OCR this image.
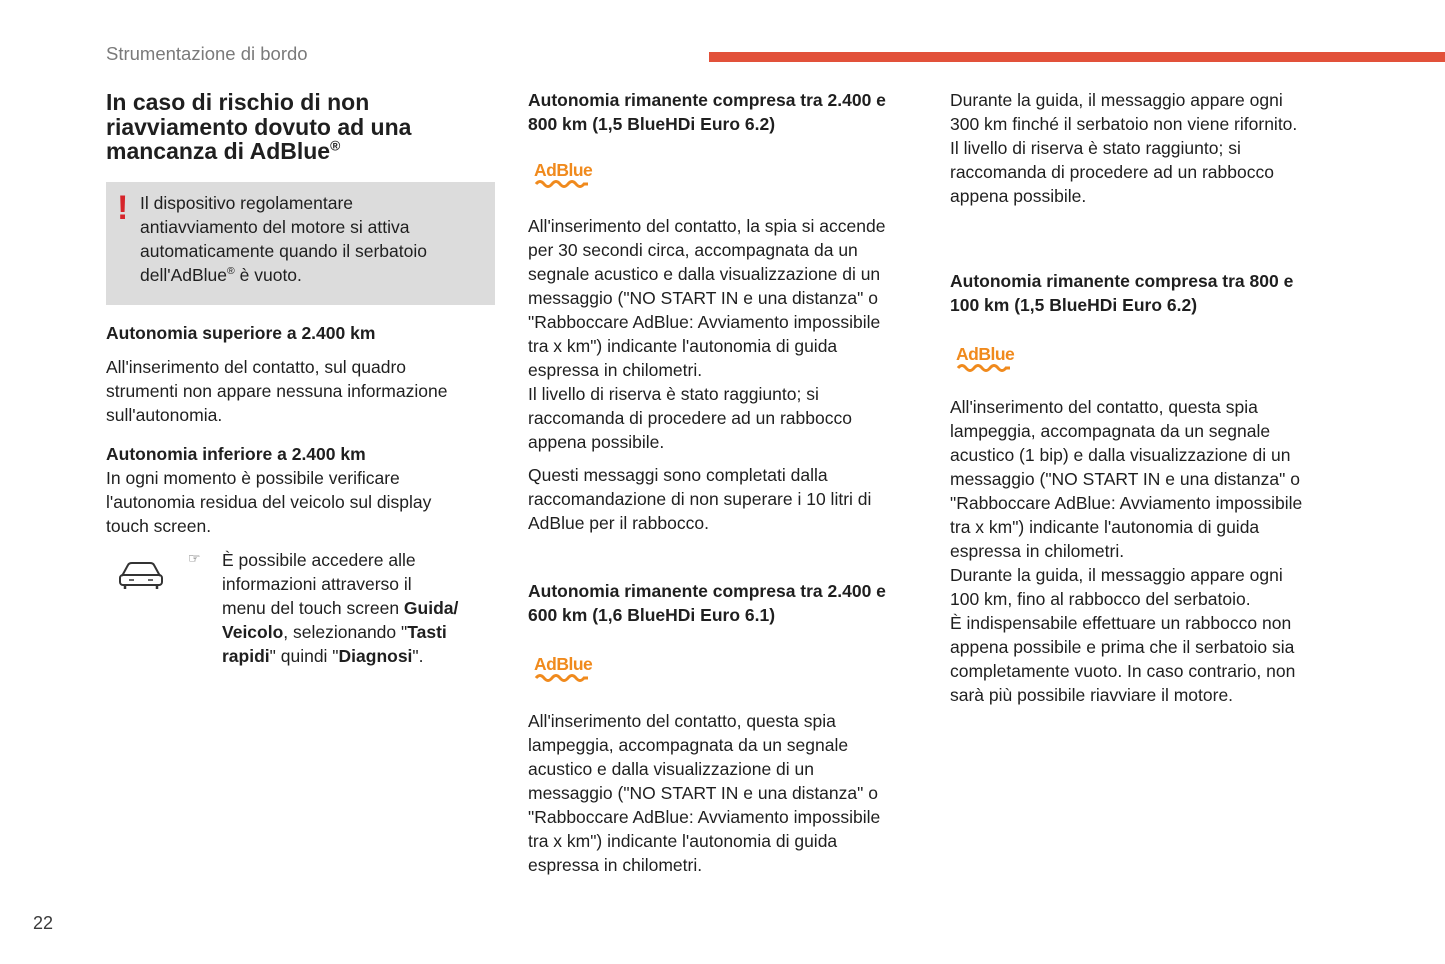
Strumentazione di bordo
In caso di rischio di non
riavviamento dovuto ad una
mancanza di AdBlue®
! Il dispositivo regolamentare
antiavviamento del motore si attiva
automaticamente quando il serbatoio
dell'AdBlue® è vuoto.

Autonomia superiore a 2.400 km

All'inserimento del contatto, sul quadro
strumenti non appare nessuna informazione
sull'autonomia.

Autonomia inferiore a 2.400 km

In ogni momento è possibile verificare
l'autonomia residua del veicolo sul display
touch screen.

☞ È possibile accedere alle
informazioni attraverso il
menu del touch screen Guida/
Veicolo, selezionando "Tasti
rapidi" quindi "Diagnosi".

Autonomia rimanente compresa tra 2.400 e
800 km (1,5 BlueHDi Euro 6.2)

AdBlue

All'inserimento del contatto, la spia si accende
per 30 secondi circa, accompagnata da un
segnale acustico e dalla visualizzazione di un
messaggio ("NO START IN e una distanza" o
"Rabboccare AdBlue: Avviamento impossibile
tra x km") indicante l'autonomia di guida
espressa in chilometri.
Il livello di riserva è stato raggiunto; si
raccomanda di procedere ad un rabbocco
appena possibile.

Questi messaggi sono completati dalla
raccomandazione di non superare i 10 litri di
AdBlue per il rabbocco.

Autonomia rimanente compresa tra 2.400 e
600 km (1,6 BlueHDi Euro 6.1)

AdBlue

All'inserimento del contatto, questa spia
lampeggia, accompagnata da un segnale
acustico e dalla visualizzazione di un
messaggio ("NO START IN e una distanza" o
"Rabboccare AdBlue: Avviamento impossibile
tra x km") indicante l'autonomia di guida
espressa in chilometri.

Durante la guida, il messaggio appare ogni
300 km finché il serbatoio non viene rifornito.
Il livello di riserva è stato raggiunto; si
raccomanda di procedere ad un rabbocco
appena possibile.

Autonomia rimanente compresa tra 800 e
100 km (1,5 BlueHDi Euro 6.2)

AdBlue

All'inserimento del contatto, questa spia
lampeggia, accompagnata da un segnale
acustico (1 bip) e dalla visualizzazione di un
messaggio ("NO START IN e una distanza" o
"Rabboccare AdBlue: Avviamento impossibile
tra x km") indicante l'autonomia di guida
espressa in chilometri.
Durante la guida, il messaggio appare ogni
100 km, fino al rabbocco del serbatoio.
È indispensabile effettuare un rabbocco non
appena possibile e prima che il serbatoio sia
completamente vuoto. In caso contrario, non
sarà più possibile riavviare il motore.

22
